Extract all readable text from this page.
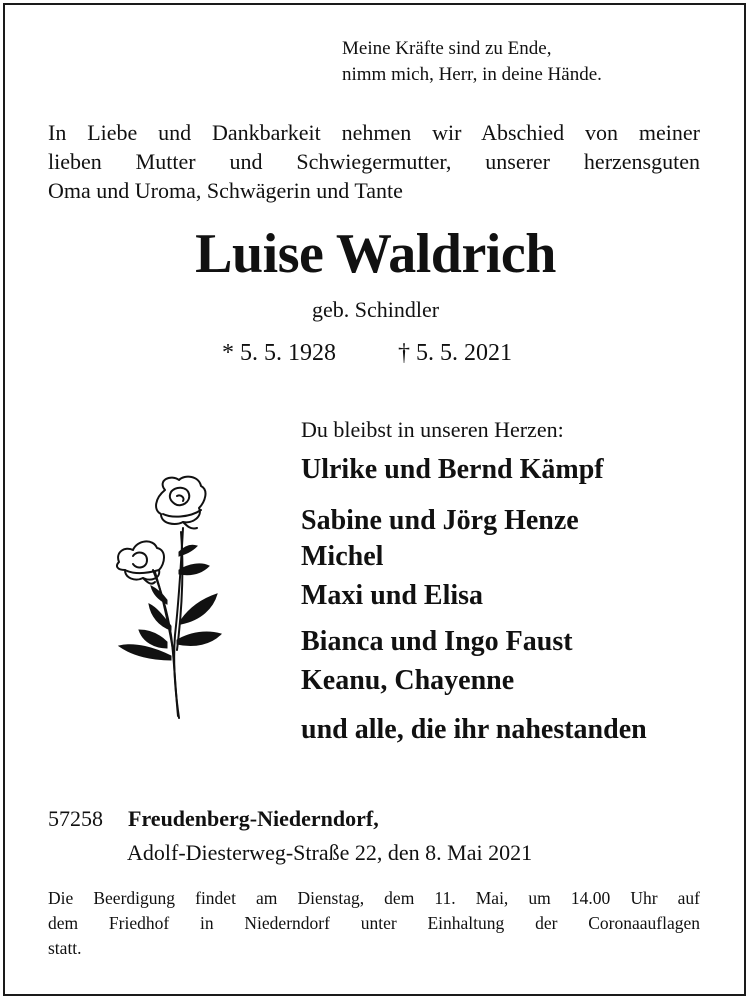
Meine Kräfte sind zu Ende,
nimm mich, Herr, in deine Hände.
In Liebe und Dankbarkeit nehmen wir Abschied von meiner
lieben Mutter und Schwiegermutter, unserer herzensguten
Oma und Uroma, Schwägerin und Tante
Luise Waldrich
geb. Schindler
* 5. 5. 1928	† 5. 5. 2021
Du bleibst in unseren Herzen:
Ulrike und Bernd Kämpf
Sabine und Jörg Henze
Michel
Maxi und Elisa
Bianca und Ingo Faust
Keanu, Chayenne
und alle, die ihr nahestanden
57258 Freudenberg-Niederndorf,
Adolf-Diesterweg-Straße 22, den 8. Mai 2021
Die Beerdigung findet am Dienstag, dem 11. Mai, um 14.00 Uhr auf
dem Friedhof in Niederndorf unter Einhaltung der Coronaauflagen
statt.
